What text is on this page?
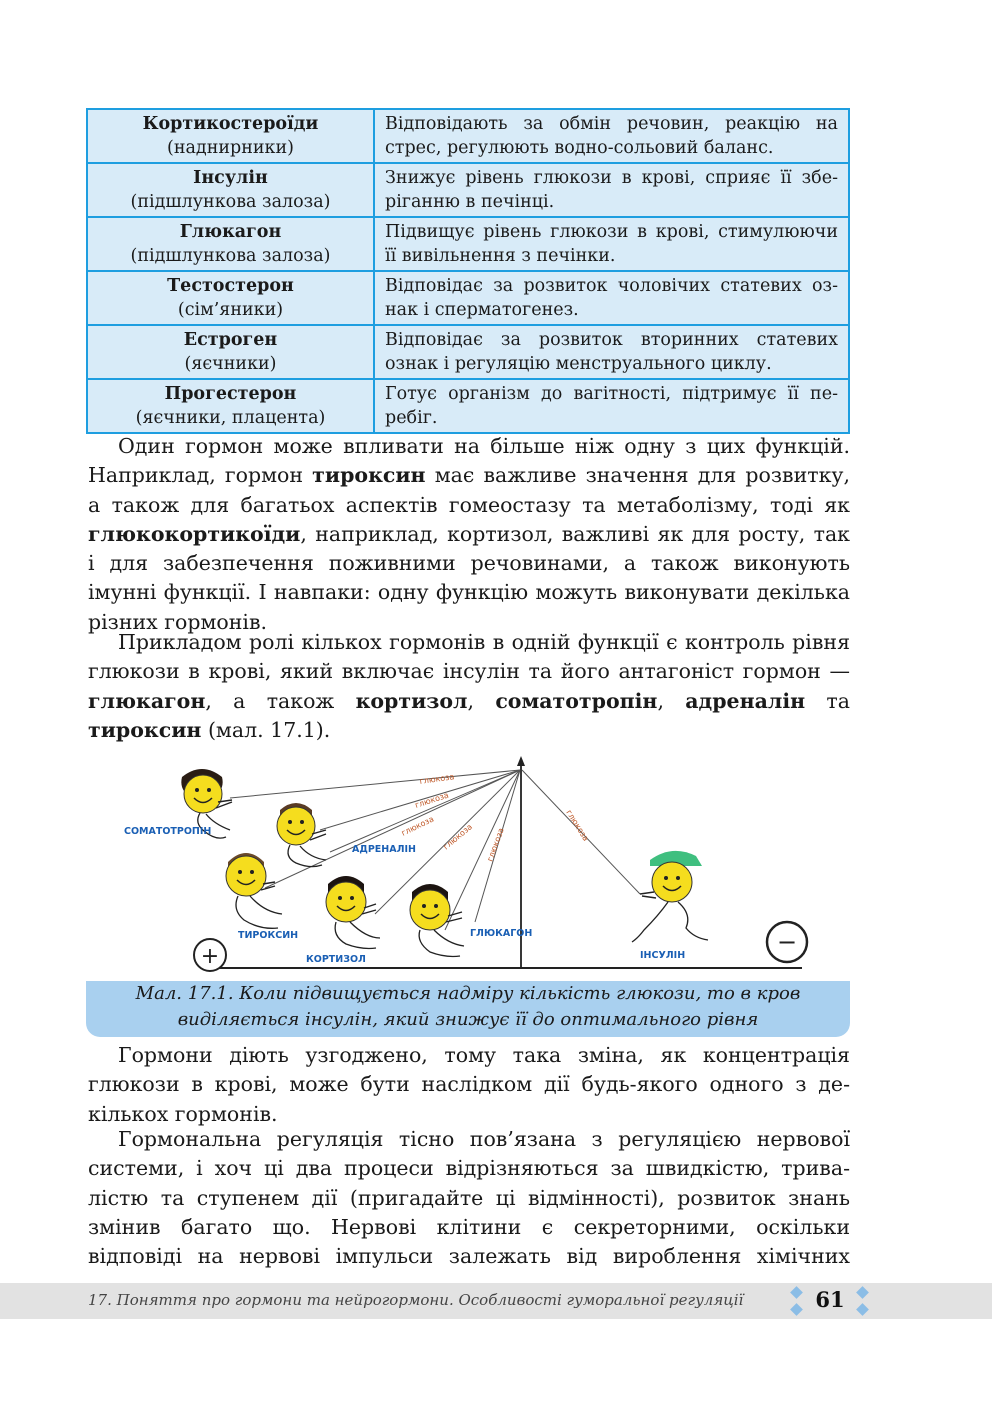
Кортикостероїди
(наднирники)	Відповідають за обмін речовин, реакцію на стрес, регулюють водно-сольовий баланс.

Інсулін
(підшлункова залоза)	Знижує рівень глюкози в крові, сприяє її зберіганню в печінці.

Глюкагон
(підшлункова залоза)	Підвищує рівень глюкози в крові, стимулюючи її вивільнення з печінки.

Тестостерон
(сім’яники)	Відповідає за розвиток чоловічих статевих ознак і сперматогенез.

Естроген
(яєчники)	Відповідає за розвиток вторинних статевих ознак і регуляцію менструального циклу.

Прогестерон
(яєчники, плацента)	Готує організм до вагітності, підтримує її перебіг.

Один гормон може впливати на більше ніж одну з цих функцій. Наприклад, гормон тироксин має важливе значення для розвитку, а також для багатьох аспектів гомеостазу та метаболізму, тоді як глюкокортикоїди, наприклад, кортизол, важливі як для росту, так і для забезпечення поживними речовинами, а також виконують імунні функції. І навпаки: одну функцію можуть виконувати декілька різних гормонів.

Прикладом ролі кількох гормонів в одній функції є контроль рівня глюкози в крові, який включає інсулін та його антагоніст гормон — глюкагон, а також кортизол, соматотропін, адреналін та тироксин (мал. 17.1).

глюкоза
глюкоза
глюкоза глюкоза глюкоза
глюкоза
+
−
СОМАТОТРОПІН
АДРЕНАЛІН
ТИРОКСИН
КОРТИЗОЛ
ГЛЮКАГОН
ІНСУЛІН
Мал. 17.1. Коли підвищується надміру кількість глюкози, то в кров
виділяється інсулін, який знижує її до оптимального рівня

Гормони діють узгоджено, тому така зміна, як концентрація глюкози в крові, може бути наслідком дії будь-якого одного з декількох гормонів.

Гормональна регуляція тісно пов’язана з регуляцією нервової системи, і хоч ці два процеси відрізняються за швидкістю, тривалістю та ступенем дії (пригадайте ці відмінності), розвиток знань змінив багато що. Нервові клітини є секреторними, оскільки відповіді на нервові імпульси залежать від вироблення хімічних

17. Поняття про гормони та нейрогормони. Особливості гуморальної регуляції	61
